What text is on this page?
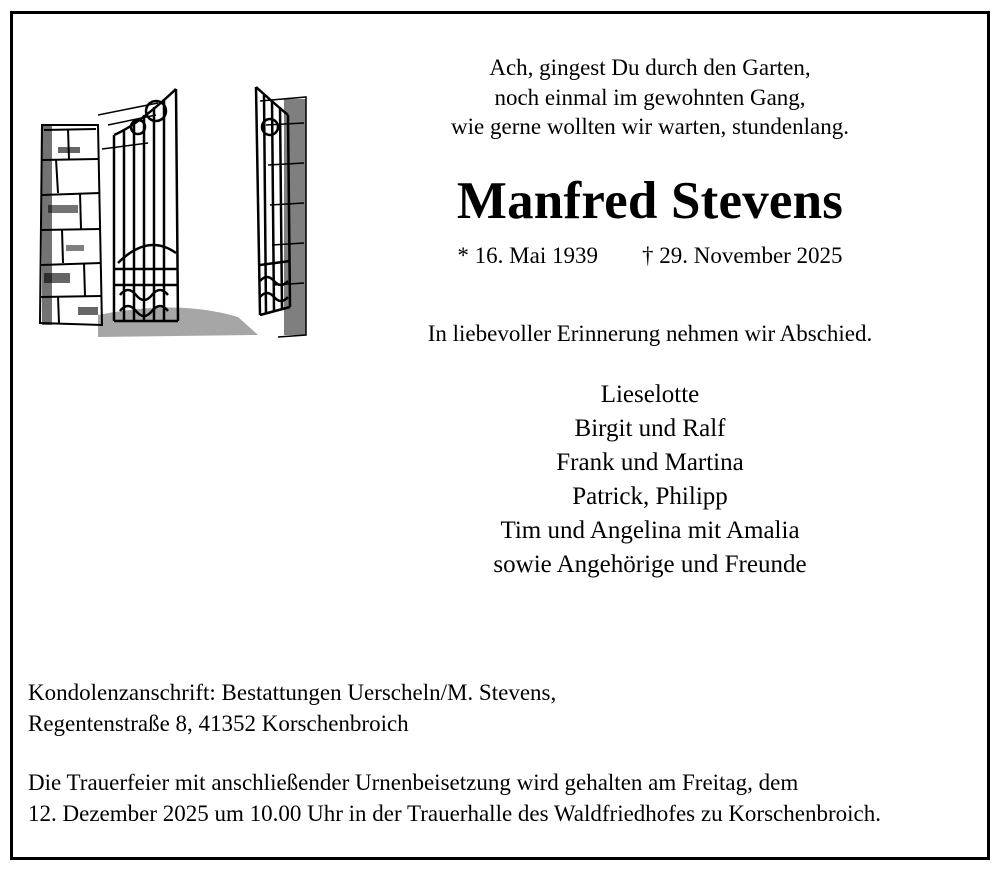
Ach, gingest Du durch den Garten,
noch einmal im gewohnten Gang,
wie gerne wollten wir warten, stundenlang.
Manfred Stevens
* 16. Mai 1939 † 29. November 2025
In liebevoller Erinnerung nehmen wir Abschied.
Lieselotte
Birgit und Ralf
Frank und Martina
Patrick, Philipp
Tim und Angelina mit Amalia
sowie Angehörige und Freunde
Kondolenzanschrift: Bestattungen Uerscheln/M. Stevens,
Regentenstraße 8, 41352 Korschenbroich
Die Trauerfeier mit anschließender Urnenbeisetzung wird gehalten am Freitag, dem
12. Dezember 2025 um 10.00 Uhr in der Trauerhalle des Waldfriedhofes zu Korschenbroich.
